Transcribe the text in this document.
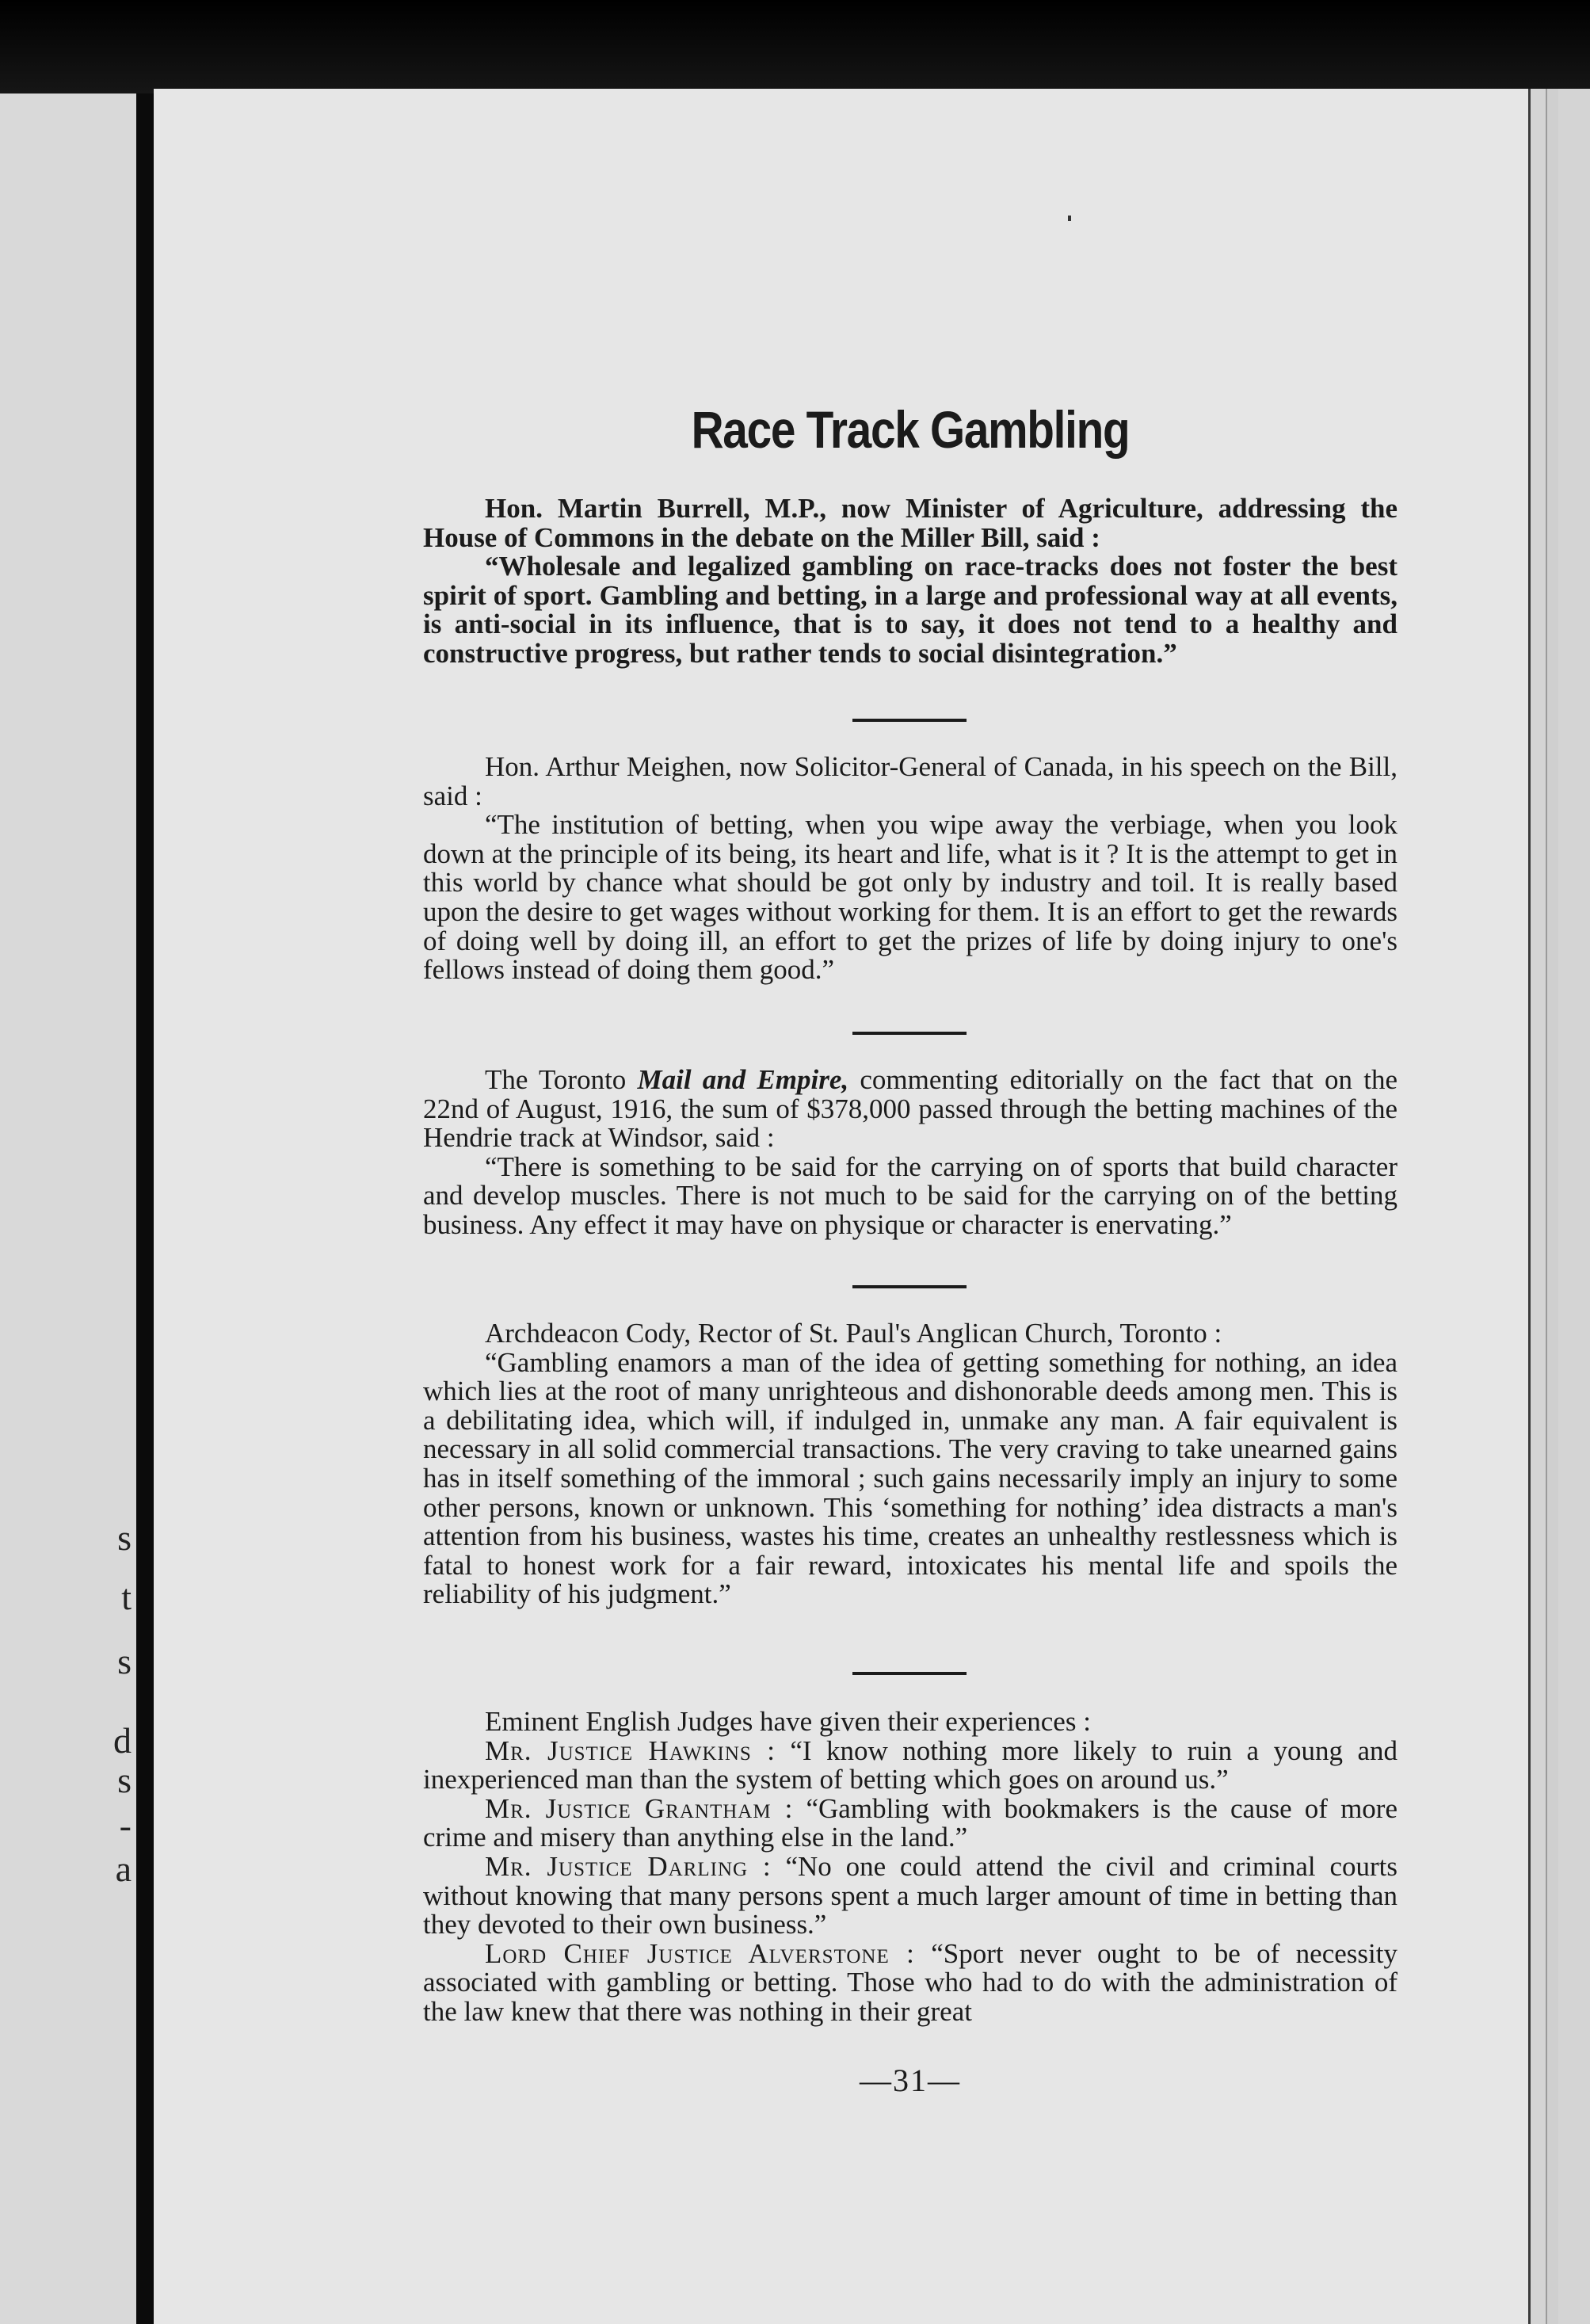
s
t
s
d
s
-
a
Race Track Gambling

Hon. Martin Burrell, M.P., now Minister of Agriculture, addressing the House of Commons in the debate on the Miller Bill, said :

“Wholesale and legalized gambling on race-tracks does not foster the best spirit of sport. Gambling and betting, in a large and professional way at all events, is anti-social in its influence, that is to say, it does not tend to a healthy and constructive progress, but rather tends to social disintegration.”

Hon. Arthur Meighen, now Solicitor-General of Canada, in his speech on the Bill, said :

“The institution of betting, when you wipe away the verbiage, when you look down at the principle of its being, its heart and life, what is it ? It is the attempt to get in this world by chance what should be got only by industry and toil. It is really based upon the desire to get wages without working for them. It is an effort to get the rewards of doing well by doing ill, an effort to get the prizes of life by doing injury to one's fellows instead of doing them good.”

The Toronto Mail and Empire, commenting editorially on the fact that on the 22nd of August, 1916, the sum of $378,000 passed through the betting machines of the Hendrie track at Windsor, said :

“There is something to be said for the carrying on of sports that build character and develop muscles. There is not much to be said for the carrying on of the betting business. Any effect it may have on physique or character is enervating.”

Archdeacon Cody, Rector of St. Paul's Anglican Church, Toronto :

“Gambling enamors a man of the idea of getting something for nothing, an idea which lies at the root of many unrighteous and dishonorable deeds among men. This is a debilitating idea, which will, if indulged in, unmake any man. A fair equivalent is necessary in all solid commercial transactions. The very craving to take unearned gains has in itself something of the immoral ; such gains necessarily imply an injury to some other persons, known or unknown. This ‘something for nothing’ idea distracts a man's attention from his business, wastes his time, creates an unhealthy restlessness which is fatal to honest work for a fair reward, intoxicates his mental life and spoils the reliability of his judgment.”

Eminent English Judges have given their experiences :

Mr. Justice Hawkins : “I know nothing more likely to ruin a young and inexperienced man than the system of betting which goes on around us.”

Mr. Justice Grantham : “Gambling with bookmakers is the cause of more crime and misery than anything else in the land.”

Mr. Justice Darling : “No one could attend the civil and criminal courts without knowing that many persons spent a much larger amount of time in betting than they devoted to their own business.”

Lord Chief Justice Alverstone : “Sport never ought to be of necessity associated with gambling or betting. Those who had to do with the administration of the law knew that there was nothing in their great

—31—
